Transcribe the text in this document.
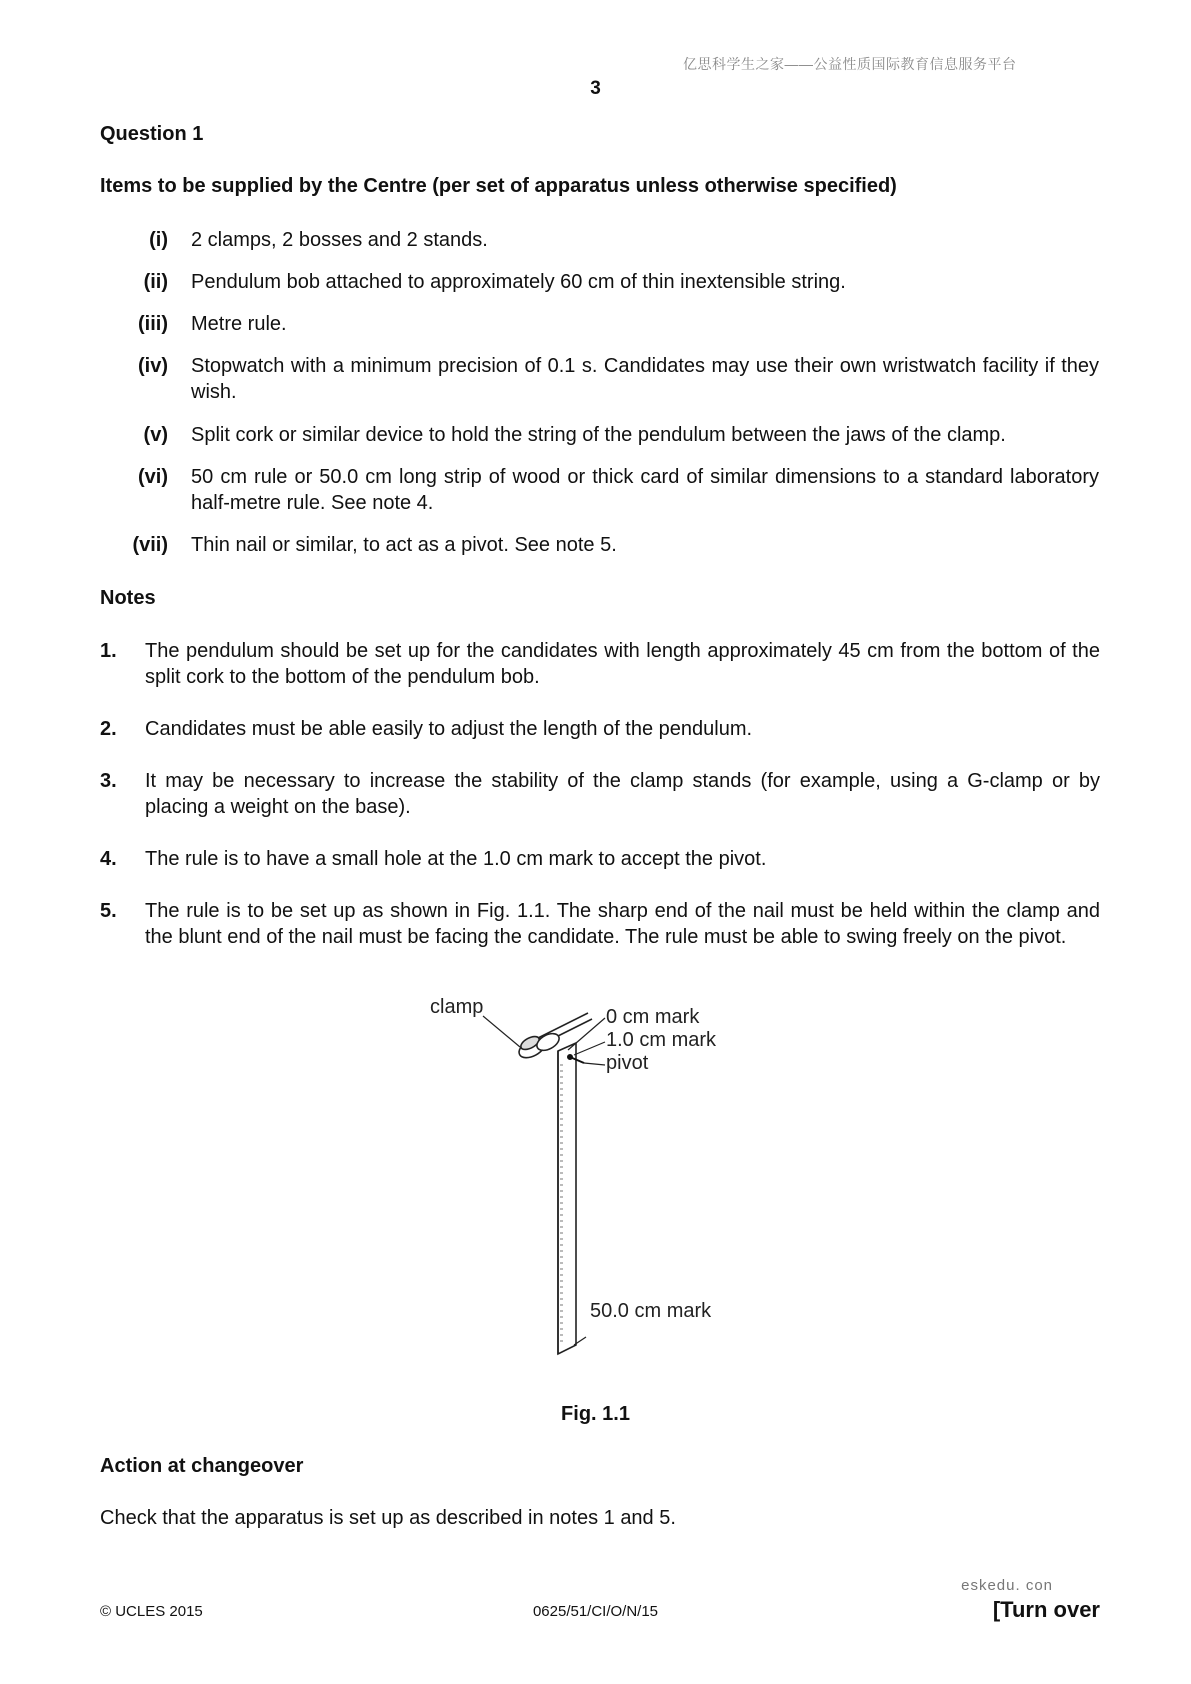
亿思科学生之家——公益性质国际教育信息服务平台
3
Question 1
Items to be supplied by the Centre (per set of apparatus unless otherwise specified)
(i) 2 clamps, 2 bosses and 2 stands.
(ii) Pendulum bob attached to approximately 60 cm of thin inextensible string.
(iii) Metre rule.
(iv) Stopwatch with a minimum precision of 0.1 s. Candidates may use their own wristwatch facility if they wish.
(v) Split cork or similar device to hold the string of the pendulum between the jaws of the clamp.
(vi) 50 cm rule or 50.0 cm long strip of wood or thick card of similar dimensions to a standard laboratory half-metre rule. See note 4.
(vii) Thin nail or similar, to act as a pivot. See note 5.
Notes
1. The pendulum should be set up for the candidates with length approximately 45 cm from the bottom of the split cork to the bottom of the pendulum bob.
2. Candidates must be able easily to adjust the length of the pendulum.
3. It may be necessary to increase the stability of the clamp stands (for example, using a G-clamp or by placing a weight on the base).
4. The rule is to have a small hole at the 1.0 cm mark to accept the pivot.
5. The rule is to be set up as shown in Fig. 1.1. The sharp end of the nail must be held within the clamp and the blunt end of the nail must be facing the candidate. The rule must be able to swing freely on the pivot.
clamp	0 cm mark
1.0 cm mark
pivot
50.0 cm mark
Fig. 1.1
Action at changeover
Check that the apparatus is set up as described in notes 1 and 5.
eskedu. con
© UCLES 2015	0625/51/CI/O/N/15	[Turn over
